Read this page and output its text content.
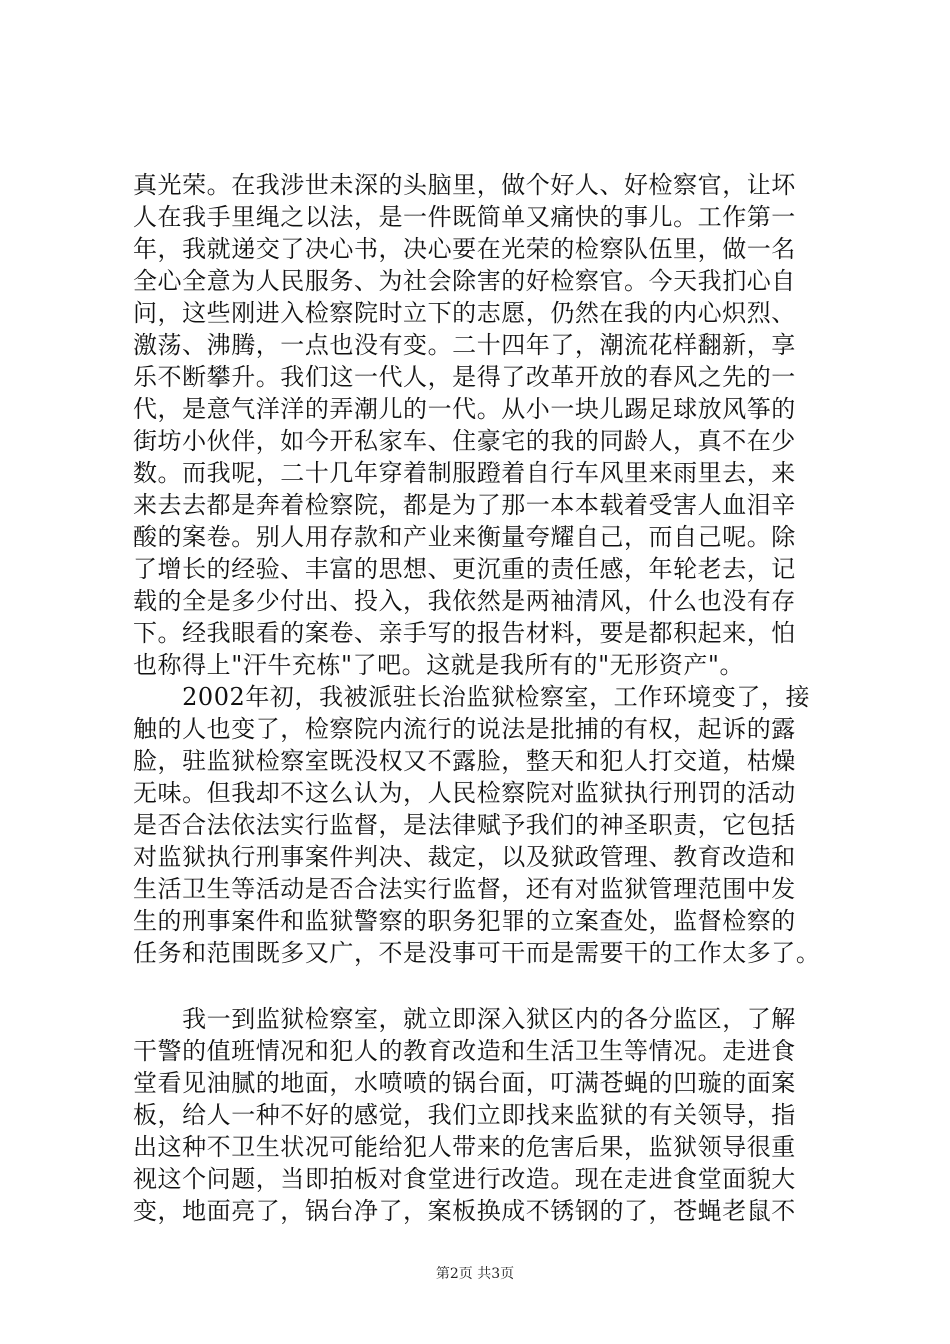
真光荣。在我涉世未深的头脑里，做个好人、好检察官，让坏
人在我手里绳之以法，是一件既简单又痛快的事儿。工作第一
年，我就递交了决心书，决心要在光荣的检察队伍里，做一名
全心全意为人民服务、为社会除害的好检察官。今天我扪心自
问，这些刚进入检察院时立下的志愿，仍然在我的内心炽烈、
激荡、沸腾，一点也没有变。二十四年了，潮流花样翻新，享
乐不断攀升。我们这一代人，是得了改革开放的春风之先的一
代，是意气洋洋的弄潮儿的一代。从小一块儿踢足球放风筝的
街坊小伙伴，如今开私家车、住豪宅的我的同龄人，真不在少
数。而我呢，二十几年穿着制服蹬着自行车风里来雨里去，来
来去去都是奔着检察院，都是为了那一本本载着受害人血泪辛
酸的案卷。别人用存款和产业来衡量夸耀自己，而自己呢。除
了增长的经验、丰富的思想、更沉重的责任感，年轮老去，记
载的全是多少付出、投入，我依然是两袖清风，什么也没有存
下。经我眼看的案卷、亲手写的报告材料，要是都积起来，怕
也称得上"汗牛充栋"了吧。这就是我所有的"无形资产"。
　　2002年初，我被派驻长治监狱检察室，工作环境变了，接
触的人也变了，检察院内流行的说法是批捕的有权，起诉的露
脸，驻监狱检察室既没权又不露脸，整天和犯人打交道，枯燥
无味。但我却不这么认为，人民检察院对监狱执行刑罚的活动
是否合法依法实行监督，是法律赋予我们的神圣职责，它包括
对监狱执行刑事案件判决、裁定，以及狱政管理、教育改造和
生活卫生等活动是否合法实行监督，还有对监狱管理范围中发
生的刑事案件和监狱警察的职务犯罪的立案查处，监督检察的
任务和范围既多又广，不是没事可干而是需要干的工作太多了。
　　我一到监狱检察室，就立即深入狱区内的各分监区，了解
干警的值班情况和犯人的教育改造和生活卫生等情况。走进食
堂看见油腻的地面，水喷喷的锅台面，叮满苍蝇的凹璇的面案
板，给人一种不好的感觉，我们立即找来监狱的有关领导，指
出这种不卫生状况可能给犯人带来的危害后果，监狱领导很重
视这个问题，当即拍板对食堂进行改造。现在走进食堂面貌大
变，地面亮了，锅台净了，案板换成不锈钢的了，苍蝇老鼠不
第2页 共3页
